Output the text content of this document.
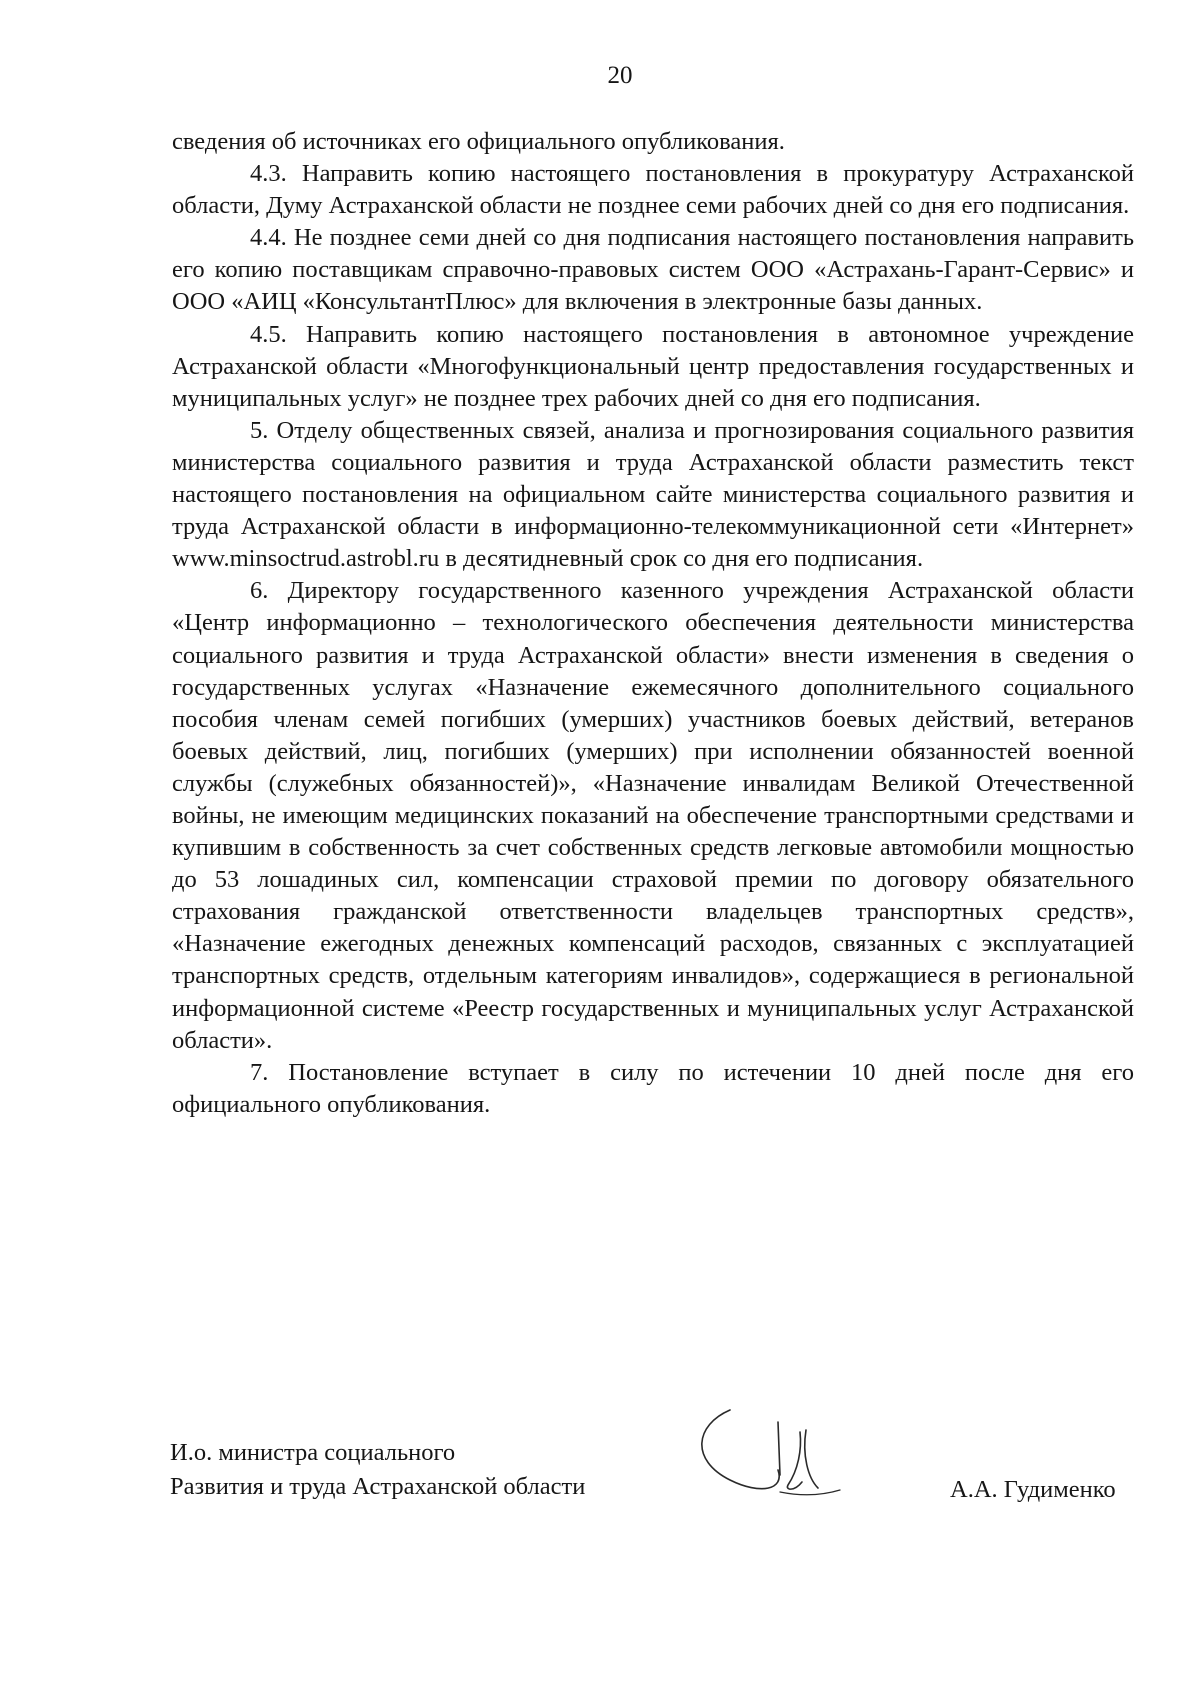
20

сведения об источниках его официального опубликования.

4.3. Направить копию настоящего постановления в прокуратуру Астраханской области, Думу Астраханской области не позднее семи рабочих дней со дня его подписания.

4.4. Не позднее семи дней со дня подписания настоящего постановления направить его копию поставщикам справочно-правовых систем ООО «Астрахань-Гарант-Сервис» и ООО «АИЦ «КонсультантПлюс» для включения в электронные базы данных.

4.5. Направить копию настоящего постановления в автономное учреждение Астраханской области «Многофункциональный центр предоставления государственных и муниципальных услуг» не позднее трех рабочих дней со дня его подписания.

5. Отделу общественных связей, анализа и прогнозирования социального развития министерства социального развития и труда Астраханской области разместить текст настоящего постановления на официальном сайте министерства социального развития и труда Астраханской области в информационно-телекоммуникационной сети «Интернет» www.minsoctrud.astrobl.ru в десятидневный срок со дня его подписания.

6. Директору государственного казенного учреждения Астраханской области «Центр информационно – технологического обеспечения деятельности министерства социального развития и труда Астраханской области» внести изменения в сведения о государственных услугах «Назначение ежемесячного дополнительного социального пособия членам семей погибших (умерших) участников боевых действий, ветеранов боевых действий, лиц, погибших (умерших) при исполнении обязанностей военной службы (служебных обязанностей)», «Назначение инвалидам Великой Отечественной войны, не имеющим медицинских показаний на обеспечение транспортными средствами и купившим в собственность за счет собственных средств легковые автомобили мощностью до 53 лошадиных сил, компенсации страховой премии по договору обязательного страхования гражданской ответственности владельцев транспортных средств», «Назначение ежегодных денежных компенсаций расходов, связанных с эксплуатацией транспортных средств, отдельным категориям инвалидов», содержащиеся в региональной информационной системе «Реестр государственных и муниципальных услуг Астраханской области».

7. Постановление вступает в силу по истечении 10 дней после дня его официального опубликования.

И.о. министра социального
Развития и труда Астраханской области	А.А. Гудименко
